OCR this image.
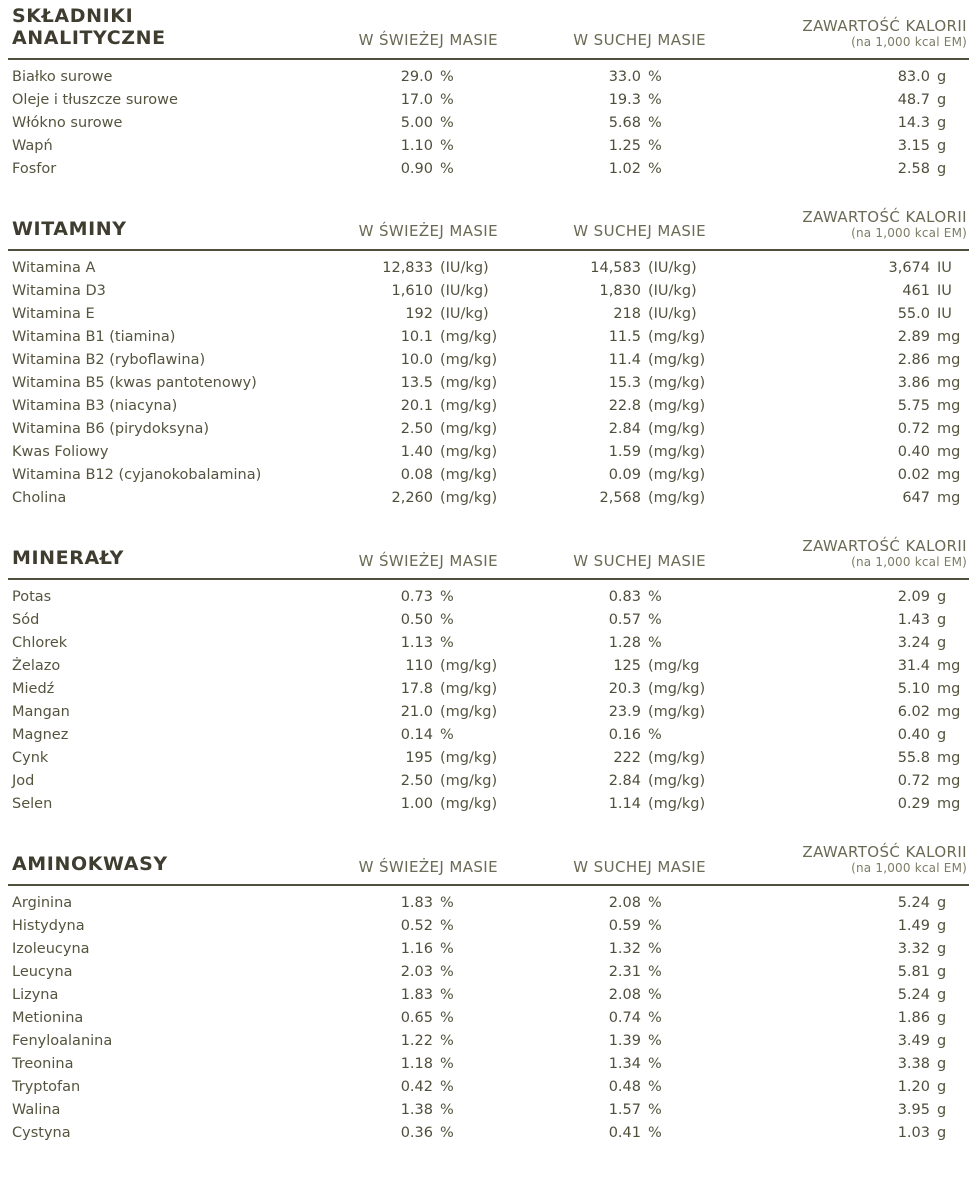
SKŁADNIKI
ANALITYCZNE	W ŚWIEŻEJ MASIE	W SUCHEJ MASIE
ZAWARTOŚĆ KALORII
(na 1,000 kcal EM)
Białko surowe	29.0 %	33.0 %	83.0 g
Oleje i tłuszcze surowe	17.0 %	19.3 %	48.7 g
Włókno surowe	5.00 %	5.68 %	14.3 g
Wapń	1.10 %	1.25 %	3.15 g
Fosfor	0.90 %	1.02 %	2.58 g
WITAMINY	W ŚWIEŻEJ MASIE	W SUCHEJ MASIE
ZAWARTOŚĆ KALORII
(na 1,000 kcal EM)
Witamina A	12,833 (IU/kg)	14,583 (IU/kg)	3,674 IU
Witamina D3	1,610 (IU/kg)	1,830 (IU/kg)	461 IU
Witamina E	192 (IU/kg)	218 (IU/kg)	55.0 IU
Witamina B1 (tiamina)	10.1 (mg/kg)	11.5 (mg/kg)	2.89 mg
Witamina B2 (ryboflawina)	10.0 (mg/kg)	11.4 (mg/kg)	2.86 mg
Witamina B5 (kwas pantotenowy)	13.5 (mg/kg)	15.3 (mg/kg)	3.86 mg
Witamina B3 (niacyna)	20.1 (mg/kg)	22.8 (mg/kg)	5.75 mg
Witamina B6 (pirydoksyna)	2.50 (mg/kg)	2.84 (mg/kg)	0.72 mg
Kwas Foliowy	1.40 (mg/kg)	1.59 (mg/kg)	0.40 mg
Witamina B12 (cyjanokobalamina)	0.08 (mg/kg)	0.09 (mg/kg)	0.02 mg
Cholina	2,260 (mg/kg)	2,568 (mg/kg)	647 mg
MINERAŁY	W ŚWIEŻEJ MASIE	W SUCHEJ MASIE
ZAWARTOŚĆ KALORII
(na 1,000 kcal EM)
Potas	0.73 %	0.83 %	2.09 g
Sód	0.50 %	0.57 %	1.43 g
Chlorek	1.13 %	1.28 %	3.24 g
Żelazo	110 (mg/kg)	125 (mg/kg	31.4 mg
Miedź	17.8 (mg/kg)	20.3 (mg/kg)	5.10 mg
Mangan	21.0 (mg/kg)	23.9 (mg/kg)	6.02 mg
Magnez	0.14 %	0.16 %	0.40 g
Cynk	195 (mg/kg)	222 (mg/kg)	55.8 mg
Jod	2.50 (mg/kg)	2.84 (mg/kg)	0.72 mg
Selen	1.00 (mg/kg)	1.14 (mg/kg)	0.29 mg
AMINOKWASY	W ŚWIEŻEJ MASIE	W SUCHEJ MASIE
ZAWARTOŚĆ KALORII
(na 1,000 kcal EM)
Arginina	1.83 %	2.08 %	5.24 g
Histydyna	0.52 %	0.59 %	1.49 g
Izoleucyna	1.16 %	1.32 %	3.32 g
Leucyna	2.03 %	2.31 %	5.81 g
Lizyna	1.83 %	2.08 %	5.24 g
Metionina	0.65 %	0.74 %	1.86 g
Fenyloalanina	1.22 %	1.39 %	3.49 g
Treonina	1.18 %	1.34 %	3.38 g
Tryptofan	0.42 %	0.48 %	1.20 g
Walina	1.38 %	1.57 %	3.95 g
Cystyna	0.36 %	0.41 %	1.03 g
